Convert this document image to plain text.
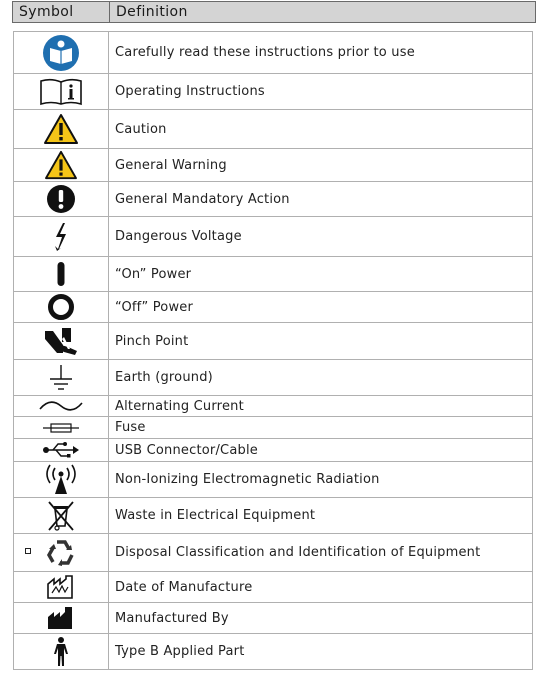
Symbol	Definition
	Carefully read these instructions prior to use

	Operating Instructions

	Caution

	General Warning

	General Mandatory Action

	Dangerous Voltage

	“On” Power

	“Off” Power

	Pinch Point

	Earth (ground)

	Alternating Current

	Fuse

	USB Connector/Cable

	Non-Ionizing Electromagnetic Radiation

	Waste in Electrical Equipment

	Disposal Classification and Identification of Equipment

	Date of Manufacture

	Manufactured By

	Type B Applied Part
